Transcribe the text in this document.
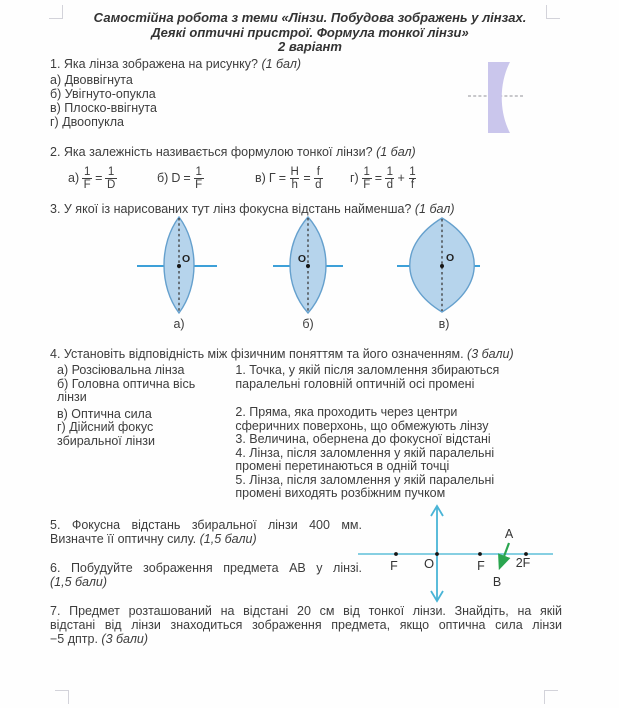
Самостійна робота з теми «Лінзи. Побудова зображень у лінзах.
Деякі оптичні пристрої. Формула тонкої лінзи»
2 варіант
1. Яка лінза зображена на рисунку? (1 бал)
а) Двоввігнута
б) Увігнуто-опукла
в) Плоско-ввігнута
г) Двоопукла
2. Яка залежність називається формулою тонкої лінзи? (1 бал)
$а) \frac{1}{F} = \frac{1}{D}$	б) $D = \frac{1}{F}$	в) $\Gamma = \frac{H}{h} = \frac{f}{d} г) \frac{1}{F} = \frac{1}{d} + \frac{1}{f}$
3. У якої із нарисованих тут лінз фокусна відстань найменша? (1 бал)
O
а)
O
б)
O
в)
4. Установіть відповідність між фізичним поняттям та його означенням. (3 бали)

а) Розсіювальна лінза

б) Головна оптична вісь
лінзи

в) Оптична сила

г) Дійсний фокус
збиральної лінзи

1. Точка, у якій після заломлення збираються
паралельні головній оптичній осі промені

2. Пряма, яка проходить через центри
сферичних поверхонь, що обмежують лінзу

3. Величина, обернена до фокусної відстані

4. Лінза, після заломлення у якій паралельні
промені перетинаються в одній точці

5. Лінза, після заломлення у якій паралельні
промені виходять розбіжним пучком

5. Фокусна відстань збиральної лінзи 400 мм.
Визначте її оптичну силу. (1,5 бали)
6. Побудуйте зображення предмета АВ у лінзі.
(1,5 бали)
F O	F 2F
A
B
7. Предмет розташований на відстані 20 см від тонкої лінзи. Знайдіть, на якій
відстані від лінзи знаходиться зображення предмета, якщо оптична сила лінзи
−5 дптр. (3 бали)
